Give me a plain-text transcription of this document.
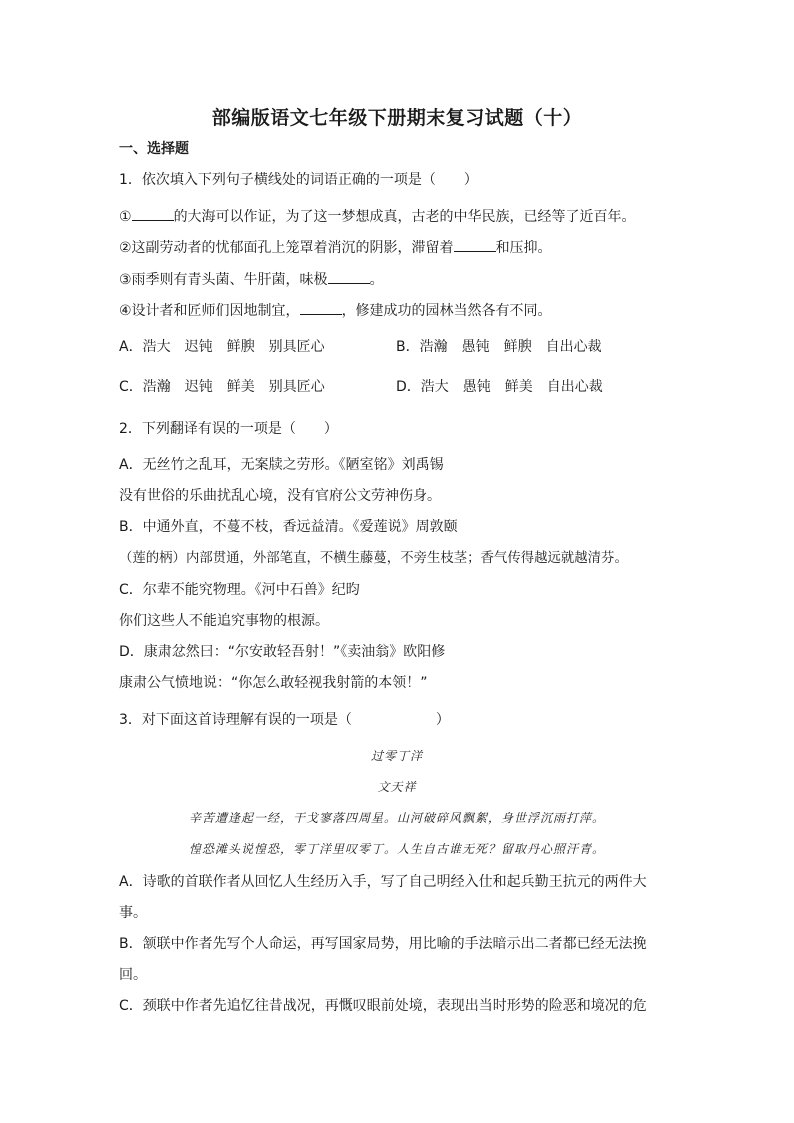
部编版语文七年级下册期末复习试题（十）
一、选择题
1．依次填入下列句子横线处的词语正确的一项是（　　）
①	的大海可以作证，为了这一梦想成真，古老的中华民族，已经等了近百年。
②这副劳动者的忧郁面孔上笼罩着消沉的阴影，滞留着	和压抑。
③雨季则有青头菌、牛肝菌，味极	。
④设计者和匠师们因地制宜，	，修建成功的园林当然各有不同。
A．浩大 迟钝 鲜腴 别具匠心	B．浩瀚 愚钝 鲜腴 自出心裁
C．浩瀚 迟钝 鲜美 别具匠心	D．浩大 愚钝 鲜美 自出心裁
2．下列翻译有误的一项是（　　）
A．无丝竹之乱耳，无案牍之劳形。《陋室铭》刘禹锡
没有世俗的乐曲扰乱心境，没有官府公文劳神伤身。
B．中通外直，不蔓不枝，香远益清。《爱莲说》周敦颐
（莲的柄）内部贯通，外部笔直，不横生藤蔓，不旁生枝茎；香气传得越远就越清芬。
C．尔辈不能究物理。《河中石兽》纪昀
你们这些人不能追究事物的根源。
D．康肃忿然曰：“尔安敢轻吾射！”《卖油翁》欧阳修
康肃公气愤地说：“你怎么敢轻视我射箭的本领！”
3．对下面这首诗理解有误的一项是（　　　　　　）
过零丁洋
文天祥
辛苦遭逢起一经，干戈寥落四周星。山河破碎风飘絮，身世浮沉雨打萍。
惶恐滩头说惶恐，零丁洋里叹零丁。人生自古谁无死？留取丹心照汗青。
A．诗歌的首联作者从回忆人生经历入手，写了自己明经入仕和起兵勤王抗元的两件大事。
B．颔联中作者先写个人命运，再写国家局势，用比喻的手法暗示出二者都已经无法挽回。
C．颈联中作者先追忆往昔战况，再慨叹眼前处境，表现出当时形势的险恶和境况的危
